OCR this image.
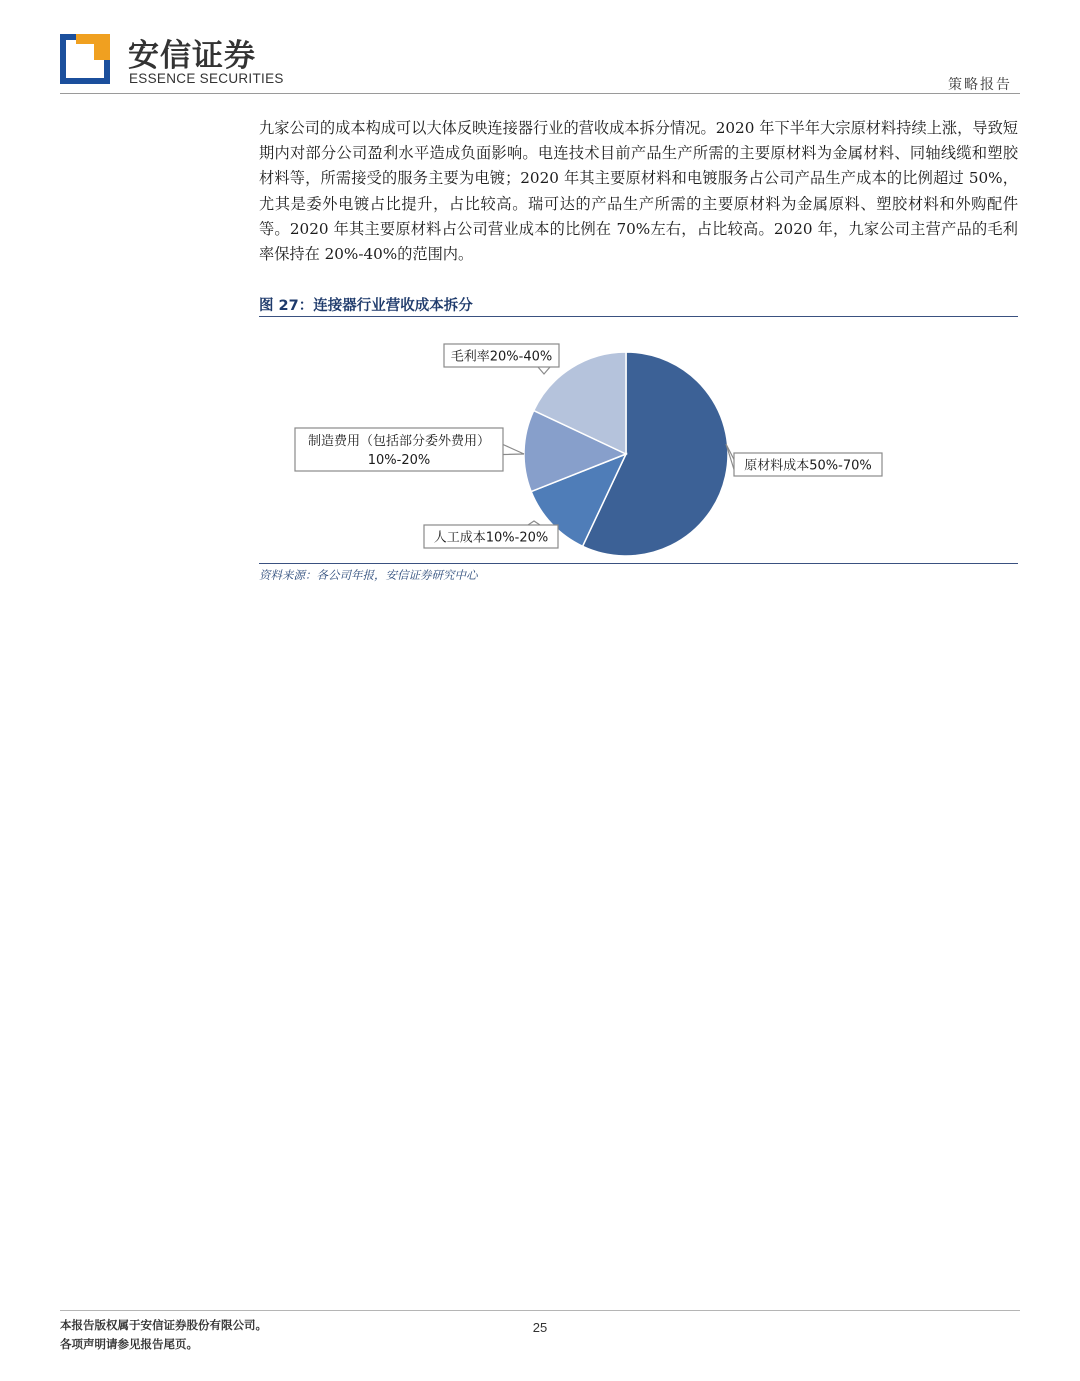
安信证券
ESSENCE SECURITIES	策略报告

九家公司的成本构成可以大体反映连接器行业的营收成本拆分情况。2020 年下半年大宗原材料持续上涨，导致短期内对部分公司盈利水平造成负面影响。电连技术目前产品生产所需的主要原材料为金属材料、同轴线缆和塑胶材料等，所需接受的服务主要为电镀；2020 年其主要原材料和电镀服务占公司产品生产成本的比例超过 50%，尤其是委外电镀占比提升，占比较高。瑞可达的产品生产所需的主要原材料为金属原料、塑胶材料和外购配件等。2020 年其主要原材料占公司营业成本的比例在 70%左右，占比较高。2020 年，九家公司主营产品的毛利率保持在 20%-40%的范围内。

图 27：连接器行业营收成本拆分
原材料成本50%-70%
人工成本10%-20%
制造费用（包括部分委外费用）
10%-20%
毛利率20%-40%
资料来源：各公司年报，安信证券研究中心
本报告版权属于安信证券股份有限公司。
各项声明请参见报告尾页。
25
